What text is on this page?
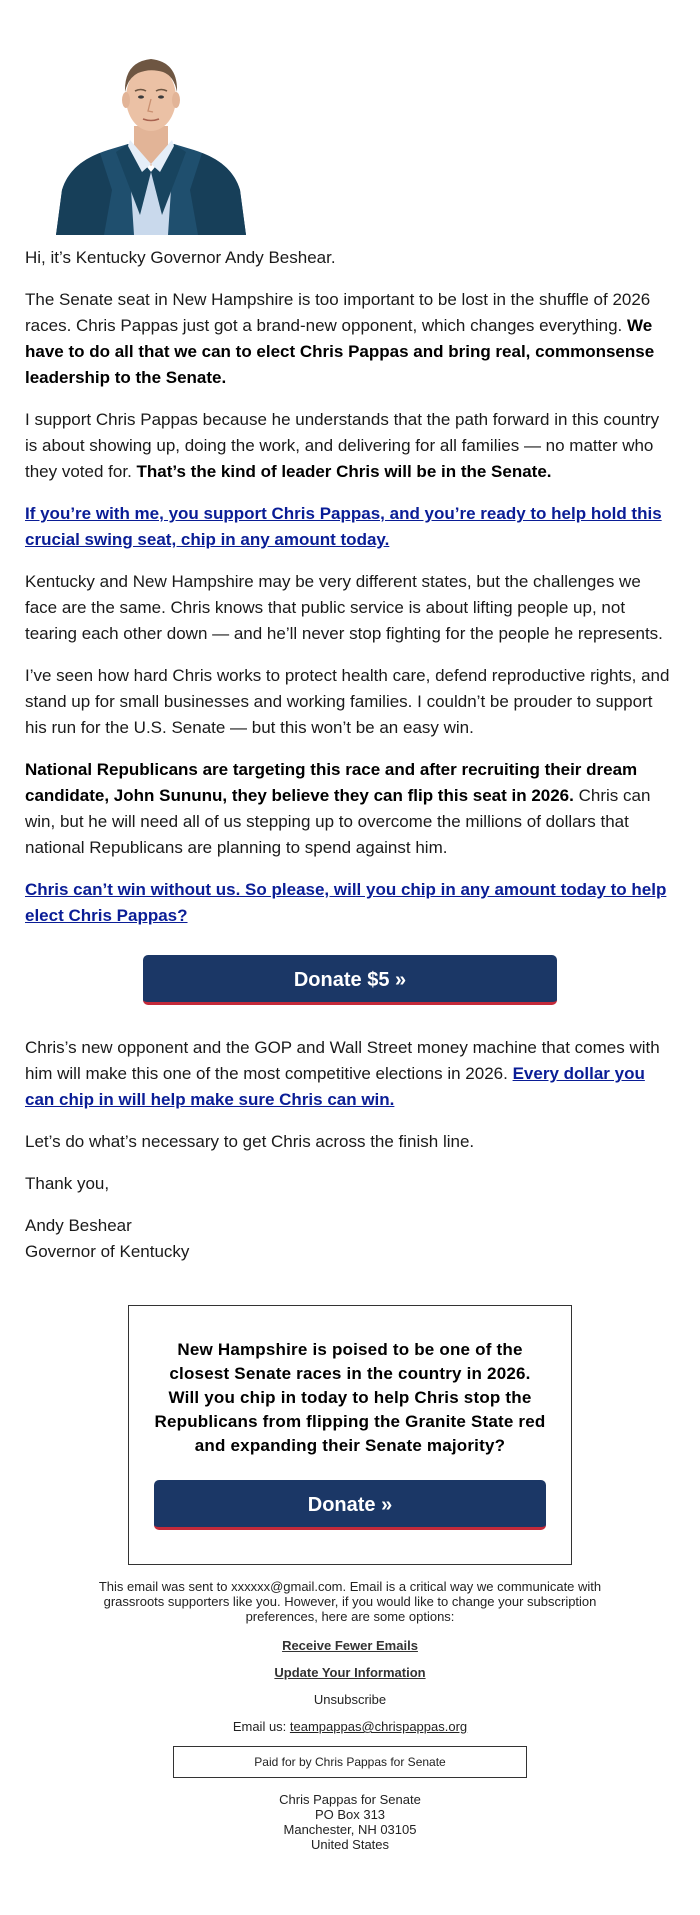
Hi, it’s Kentucky Governor Andy Beshear.

The Senate seat in New Hampshire is too important to be lost in the shuffle of 2026 races. Chris Pappas just got a brand-new opponent, which changes everything. We have to do all that we can to elect Chris Pappas and bring real, commonsense leadership to the Senate.

I support Chris Pappas because he understands that the path forward in this country is about showing up, doing the work, and delivering for all families — no matter who they voted for. That’s the kind of leader Chris will be in the Senate.

If you’re with me, you support Chris Pappas, and you’re ready to help hold this crucial swing seat, chip in any amount today.

Kentucky and New Hampshire may be very different states, but the challenges we face are the same. Chris knows that public service is about lifting people up, not tearing each other down — and he’ll never stop fighting for the people he represents.

I’ve seen how hard Chris works to protect health care, defend reproductive rights, and stand up for small businesses and working families. I couldn’t be prouder to support his run for the U.S. Senate — but this won’t be an easy win.

National Republicans are targeting this race and after recruiting their dream candidate, John Sununu, they believe they can flip this seat in 2026. Chris can win, but he will need all of us stepping up to overcome the millions of dollars that national Republicans are planning to spend against him.

Chris can’t win without us. So please, will you chip in any amount today to help elect Chris Pappas?

Donate $5 »

Chris’s new opponent and the GOP and Wall Street money machine that comes with him will make this one of the most competitive elections in 2026. Every dollar you can chip in will help make sure Chris can win.

Let’s do what’s necessary to get Chris across the finish line.

Thank you,

Andy Beshear
Governor of Kentucky

New Hampshire is poised to be one of the closest Senate races in the country in 2026. Will you chip in today to help Chris stop the Republicans from flipping the Granite State red and expanding their Senate majority?

Donate »
This email was sent to xxxxxx@gmail.com. Email is a critical way we communicate with grassroots supporters like you. However, if you would like to change your subscription preferences, here are some options:
Receive Fewer Emails
Update Your Information
Unsubscribe
Email us: teampappas@chrispappas.org
Paid for by Chris Pappas for Senate
Chris Pappas for Senate
PO Box 313
Manchester, NH 03105
United States
